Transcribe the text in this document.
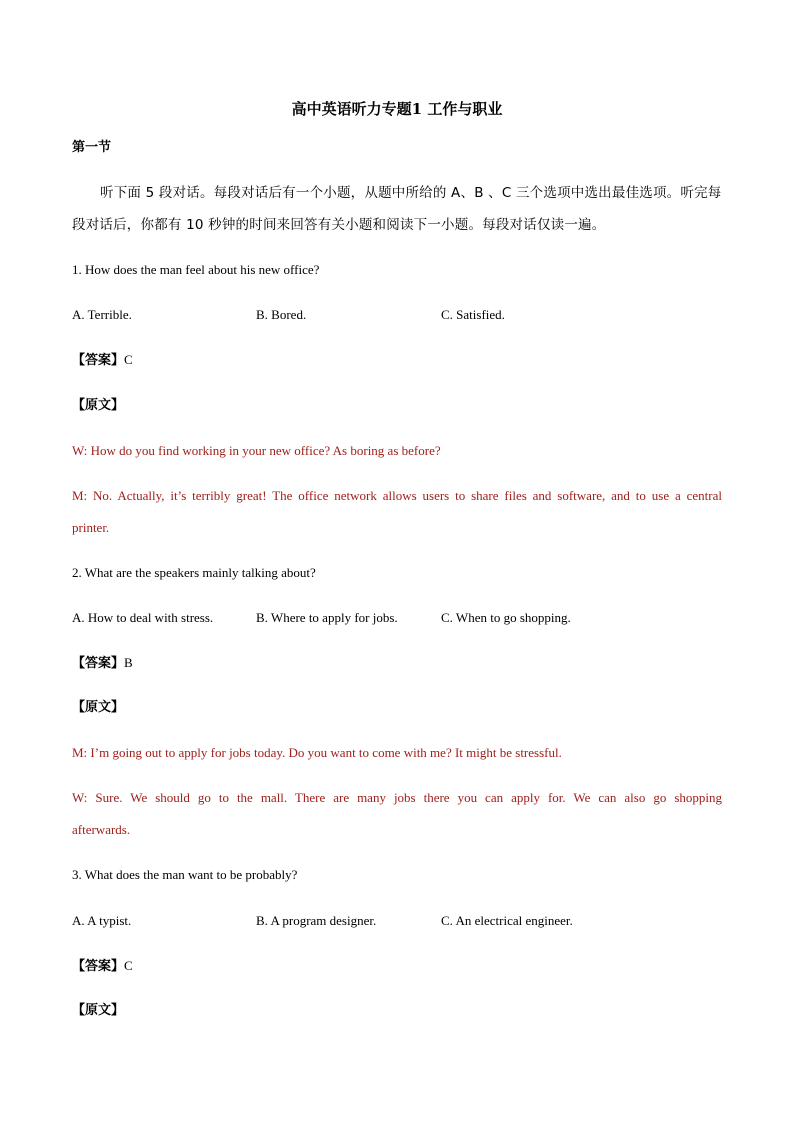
高中英语听力专题1 工作与职业
第一节
听下面 5 段对话。每段对话后有一个小题，从题中所给的 A、B 、C 三个选项中选出最佳选项。听完每
段对话后，你都有 10 秒钟的时间来回答有关小题和阅读下一小题。每段对话仅读一遍。
1. How does the man feel about his new office?
A. Terrible.	B. Bored.	C. Satisfied.
【答案】C
【原文】
W: How do you find working in your new office? As boring as before?
M: No. Actually, it’s terribly great! The office network allows users to share files and software, and to use a central
printer.
2. What are the speakers mainly talking about?
A. How to deal with stress.	B. Where to apply for jobs.	C. When to go shopping.
【答案】B
【原文】
M: I’m going out to apply for jobs today. Do you want to come with me? It might be stressful.
W: Sure. We should go to the mall. There are many jobs there you can apply for. We can also go shopping
afterwards.
3. What does the man want to be probably?
A. A typist.	B. A program designer.	C. An electrical engineer.
【答案】C
【原文】
